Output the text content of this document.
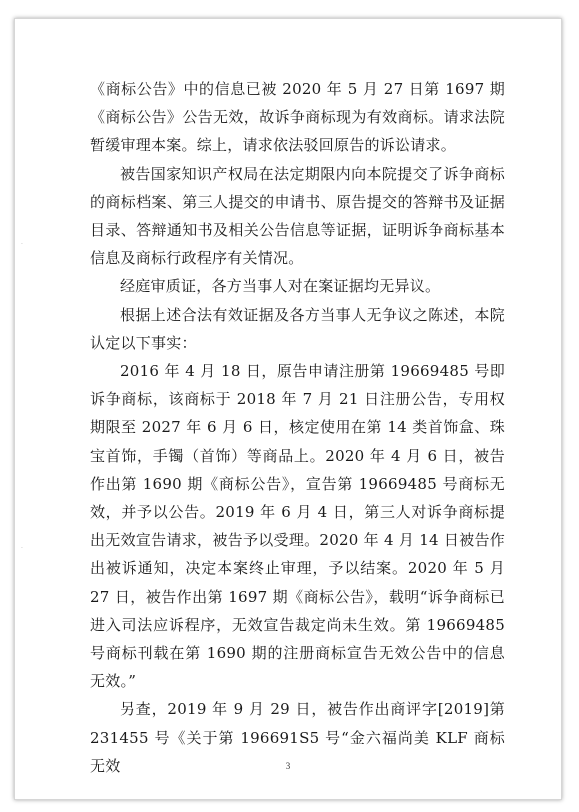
·
·

《商标公告》中的信息已被 2020 年 5 月 27 日第 1697 期《商标公告》公告无效，故诉争商标现为有效商标。请求法院暂缓审理本案。综上，请求依法驳回原告的诉讼请求。

被告国家知识产权局在法定期限内向本院提交了诉争商标的商标档案、第三人提交的申请书、原告提交的答辩书及证据目录、答辩通知书及相关公告信息等证据，证明诉争商标基本信息及商标行政程序有关情况。

经庭审质证，各方当事人对在案证据均无异议。

根据上述合法有效证据及各方当事人无争议之陈述，本院认定以下事实：

2016 年 4 月 18 日，原告申请注册第 19669485 号即诉争商标，该商标于 2018 年 7 月 21 日注册公告，专用权期限至 2027 年 6 月 6 日，核定使用在第 14 类首饰盒、珠宝首饰，手镯（首饰）等商品上。2020 年 4 月 6 日，被告作出第 1690 期《商标公告》，宣告第 19669485 号商标无效，并予以公告。2019 年 6 月 4 日，第三人对诉争商标提出无效宣告请求，被告予以受理。2020 年 4 月 14 日被告作出被诉通知，决定本案终止审理，予以结案。2020 年 5 月 27 日，被告作出第 1697 期《商标公告》，载明“诉争商标已进入司法应诉程序，无效宣告裁定尚未生效。第 19669485 号商标刊载在第 1690 期的注册商标宣告无效公告中的信息无效。”

另查，2019 年 9 月 29 日，被告作出商评字[2019]第 231455 号《关于第 196691S5 号“金六福尚美 KLF 商标无效	3
